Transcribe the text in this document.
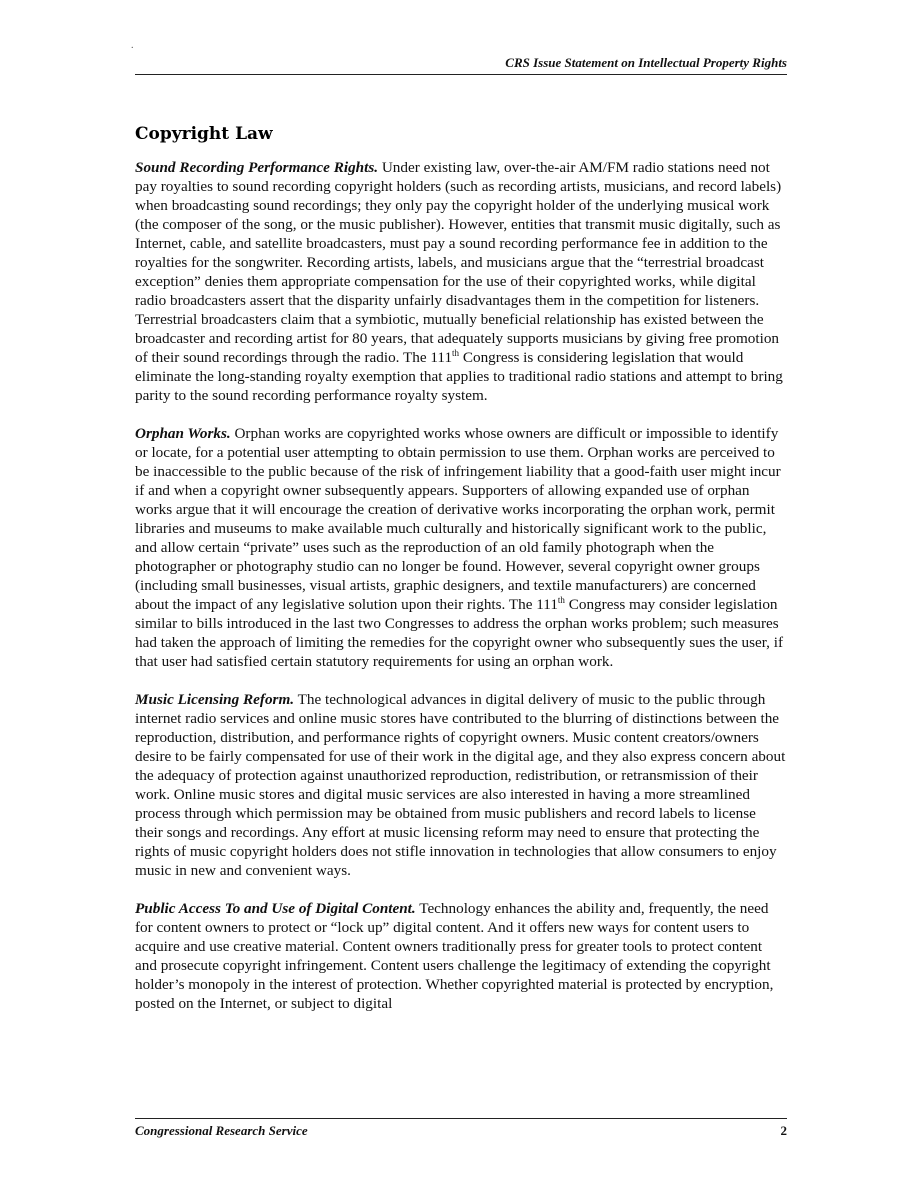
.
CRS Issue Statement on Intellectual Property Rights
Copyright Law

Sound Recording Performance Rights. Under existing law, over-the-air AM/FM radio stations need not pay royalties to sound recording copyright holders (such as recording artists, musicians, and record labels) when broadcasting sound recordings; they only pay the copyright holder of the underlying musical work (the composer of the song, or the music publisher). However, entities that transmit music digitally, such as Internet, cable, and satellite broadcasters, must pay a sound recording performance fee in addition to the royalties for the songwriter. Recording artists, labels, and musicians argue that the “terrestrial broadcast exception” denies them appropriate compensation for the use of their copyrighted works, while digital radio broadcasters assert that the disparity unfairly disadvantages them in the competition for listeners. Terrestrial broadcasters claim that a symbiotic, mutually beneficial relationship has existed between the broadcaster and recording artist for 80 years, that adequately supports musicians by giving free promotion of their sound recordings through the radio. The 111th Congress is considering legislation that would eliminate the long-standing royalty exemption that applies to traditional radio stations and attempt to bring parity to the sound recording performance royalty system.

Orphan Works. Orphan works are copyrighted works whose owners are difficult or impossible to identify or locate, for a potential user attempting to obtain permission to use them. Orphan works are perceived to be inaccessible to the public because of the risk of infringement liability that a good-faith user might incur if and when a copyright owner subsequently appears. Supporters of allowing expanded use of orphan works argue that it will encourage the creation of derivative works incorporating the orphan work, permit libraries and museums to make available much culturally and historically significant work to the public, and allow certain “private” uses such as the reproduction of an old family photograph when the photographer or photography studio can no longer be found. However, several copyright owner groups (including small businesses, visual artists, graphic designers, and textile manufacturers) are concerned about the impact of any legislative solution upon their rights. The 111th Congress may consider legislation similar to bills introduced in the last two Congresses to address the orphan works problem; such measures had taken the approach of limiting the remedies for the copyright owner who subsequently sues the user, if that user had satisfied certain statutory requirements for using an orphan work.

Music Licensing Reform. The technological advances in digital delivery of music to the public through internet radio services and online music stores have contributed to the blurring of distinctions between the reproduction, distribution, and performance rights of copyright owners. Music content creators/owners desire to be fairly compensated for use of their work in the digital age, and they also express concern about the adequacy of protection against unauthorized reproduction, redistribution, or retransmission of their work. Online music stores and digital music services are also interested in having a more streamlined process through which permission may be obtained from music publishers and record labels to license their songs and recordings. Any effort at music licensing reform may need to ensure that protecting the rights of music copyright holders does not stifle innovation in technologies that allow consumers to enjoy music in new and convenient ways.

Public Access To and Use of Digital Content. Technology enhances the ability and, frequently, the need for content owners to protect or “lock up” digital content. And it offers new ways for content users to acquire and use creative material. Content owners traditionally press for greater tools to protect content and prosecute copyright infringement. Content users challenge the legitimacy of extending the copyright holder’s monopoly in the interest of protection. Whether copyrighted material is protected by encryption, posted on the Internet, or subject to digital

Congressional Research Service	2
